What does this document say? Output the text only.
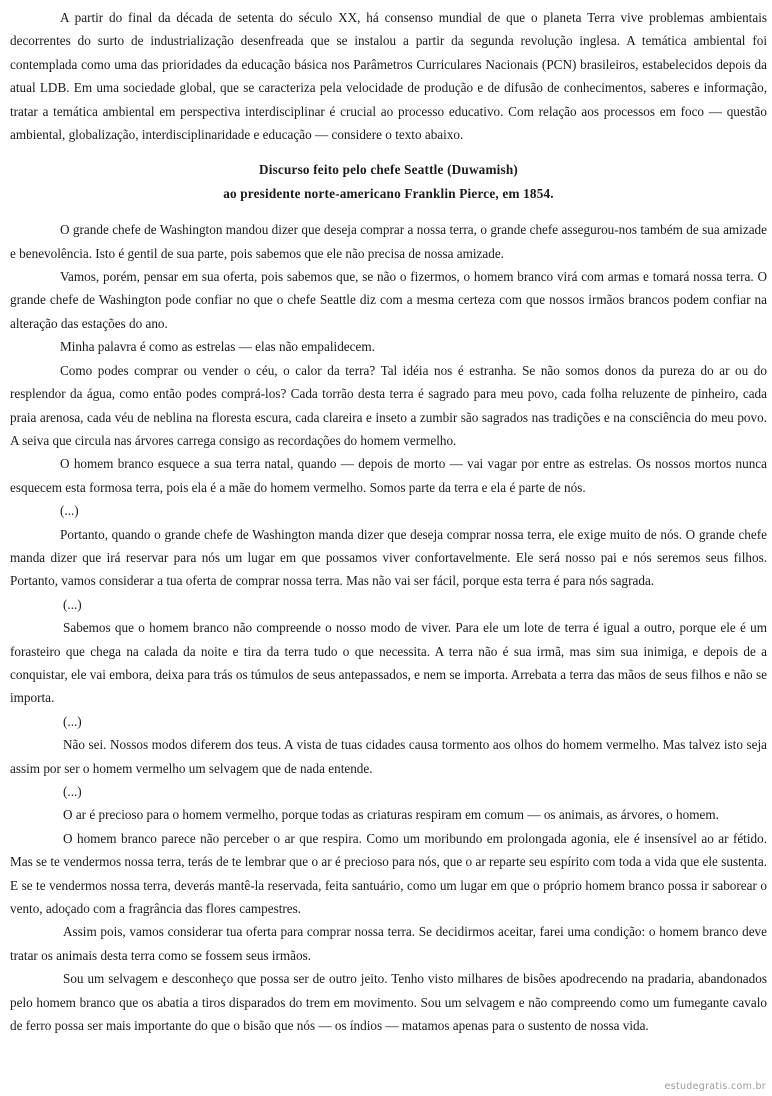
A partir do final da década de setenta do século XX, há consenso mundial de que o planeta Terra vive problemas ambientais decorrentes do surto de industrialização desenfreada que se instalou a partir da segunda revolução inglesa. A temática ambiental foi contemplada como uma das prioridades da educação básica nos Parâmetros Curriculares Nacionais (PCN) brasileiros, estabelecidos depois da atual LDB. Em uma sociedade global, que se caracteriza pela velocidade de produção e de difusão de conhecimentos, saberes e informação, tratar a temática ambiental em perspectiva interdisciplinar é crucial ao processo educativo. Com relação aos processos em foco — questão ambiental, globalização, interdisciplinaridade e educação — considere o texto abaixo.

Discurso feito pelo chefe Seattle (Duwamish)

ao presidente norte-americano Franklin Pierce, em 1854.

O grande chefe de Washington mandou dizer que deseja comprar a nossa terra, o grande chefe assegurou-nos também de sua amizade e benevolência. Isto é gentil de sua parte, pois sabemos que ele não precisa de nossa amizade.

Vamos, porém, pensar em sua oferta, pois sabemos que, se não o fizermos, o homem branco virá com armas e tomará nossa terra. O grande chefe de Washington pode confiar no que o chefe Seattle diz com a mesma certeza com que nossos irmãos brancos podem confiar na alteração das estações do ano.

Minha palavra é como as estrelas — elas não empalidecem.

Como podes comprar ou vender o céu, o calor da terra? Tal idéia nos é estranha. Se não somos donos da pureza do ar ou do resplendor da água, como então podes comprá-los? Cada torrão desta terra é sagrado para meu povo, cada folha reluzente de pinheiro, cada praia arenosa, cada véu de neblina na floresta escura, cada clareira e inseto a zumbir são sagrados nas tradições e na consciência do meu povo. A seiva que circula nas árvores carrega consigo as recordações do homem vermelho.

O homem branco esquece a sua terra natal, quando — depois de morto — vai vagar por entre as estrelas. Os nossos mortos nunca esquecem esta formosa terra, pois ela é a mãe do homem vermelho. Somos parte da terra e ela é parte de nós.

(...)

Portanto, quando o grande chefe de Washington manda dizer que deseja comprar nossa terra, ele exige muito de nós. O grande chefe manda dizer que irá reservar para nós um lugar em que possamos viver confortavelmente. Ele será nosso pai e nós seremos seus filhos. Portanto, vamos considerar a tua oferta de comprar nossa terra. Mas não vai ser fácil, porque esta terra é para nós sagrada.

(...)

Sabemos que o homem branco não compreende o nosso modo de viver. Para ele um lote de terra é igual a outro, porque ele é um forasteiro que chega na calada da noite e tira da terra tudo o que necessita. A terra não é sua irmã, mas sim sua inimiga, e depois de a conquistar, ele vai embora, deixa para trás os túmulos de seus antepassados, e nem se importa. Arrebata a terra das mãos de seus filhos e não se importa.

(...)

Não sei. Nossos modos diferem dos teus. A vista de tuas cidades causa tormento aos olhos do homem vermelho. Mas talvez isto seja assim por ser o homem vermelho um selvagem que de nada entende.

(...)

O ar é precioso para o homem vermelho, porque todas as criaturas respiram em comum — os animais, as árvores, o homem.

O homem branco parece não perceber o ar que respira. Como um moribundo em prolongada agonia, ele é insensível ao ar fétido. Mas se te vendermos nossa terra, terás de te lembrar que o ar é precioso para nós, que o ar reparte seu espírito com toda a vida que ele sustenta. E se te vendermos nossa terra, deverás mantê-la reservada, feita santuário, como um lugar em que o próprio homem branco possa ir saborear o vento, adoçado com a fragrância das flores campestres.

Assim pois, vamos considerar tua oferta para comprar nossa terra. Se decidirmos aceitar, farei uma condição: o homem branco deve tratar os animais desta terra como se fossem seus irmãos.

Sou um selvagem e desconheço que possa ser de outro jeito. Tenho visto milhares de bisões apodrecendo na pradaria, abandonados pelo homem branco que os abatia a tiros disparados do trem em movimento. Sou um selvagem e não compreendo como um fumegante cavalo de ferro possa ser mais importante do que o bisão que nós — os índios — matamos apenas para o sustento de nossa vida.

estudegratis.com.br
